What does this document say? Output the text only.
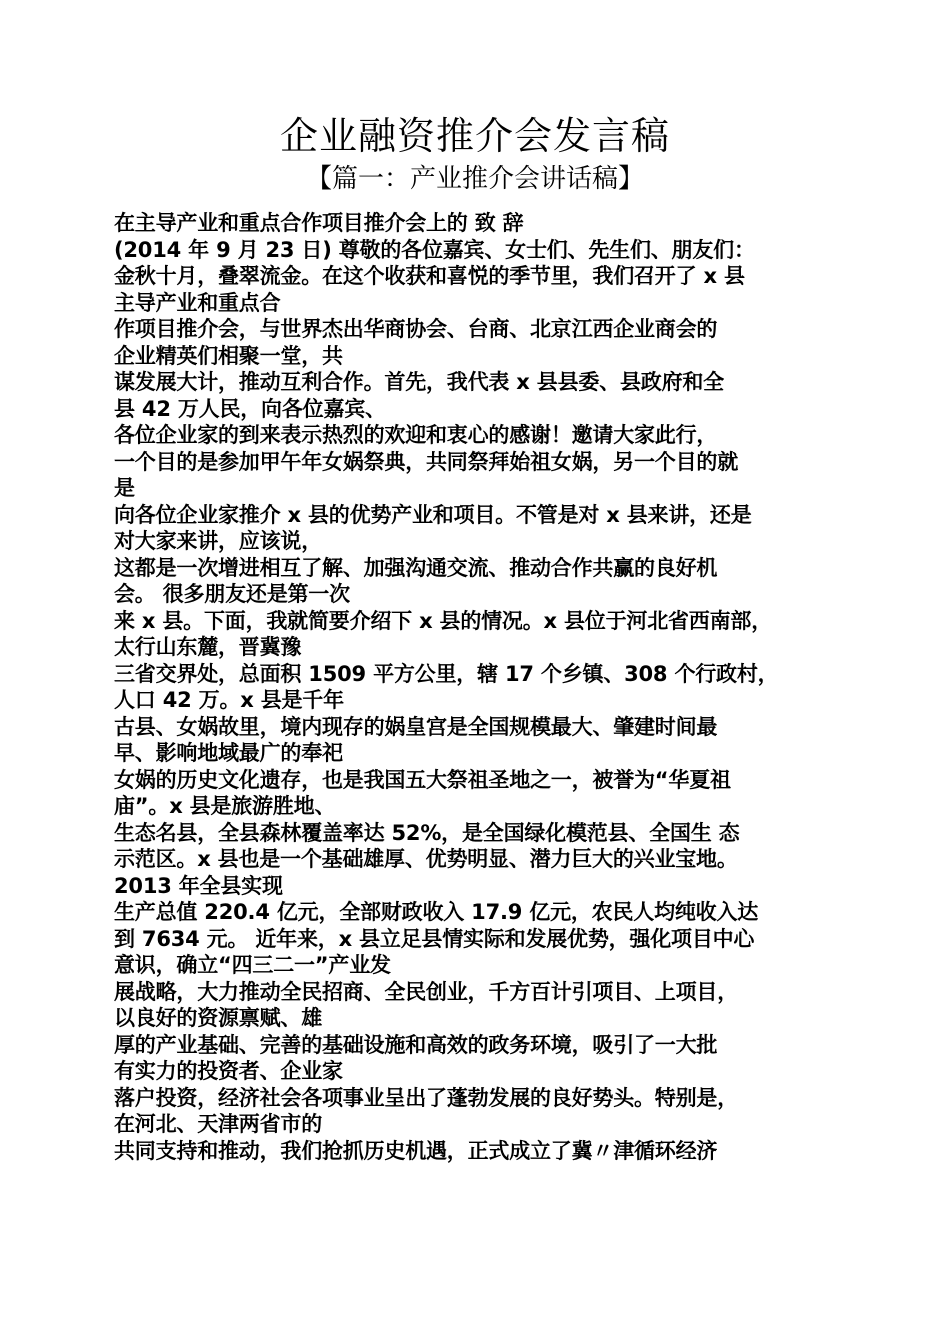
企业融资推介会发言稿
【篇一：产业推介会讲话稿】
在主导产业和重点合作项目推介会上的 致 辞
(2014 年 9 月 23 日) 尊敬的各位嘉宾、女士们、先生们、朋友们：
金秋十月，叠翠流金。在这个收获和喜悦的季节里，我们召开了 x 县
主导产业和重点合
作项目推介会，与世界杰出华商协会、台商、北京江西企业商会的
企业精英们相聚一堂，共
谋发展大计，推动互利合作。首先，我代表 x 县县委、县政府和全
县 42 万人民，向各位嘉宾、
各位企业家的到来表示热烈的欢迎和衷心的感谢！邀请大家此行，
一个目的是参加甲午年女娲祭典，共同祭拜始祖女娲，另一个目的就
是
向各位企业家推介 x 县的优势产业和项目。不管是对 x 县来讲，还是
对大家来讲，应该说，
这都是一次增进相互了解、加强沟通交流、推动合作共赢的良好机
会。 很多朋友还是第一次
来 x 县。下面，我就简要介绍下 x 县的情况。x 县位于河北省西南部，
太行山东麓，晋冀豫
三省交界处，总面积 1509 平方公里，辖 17 个乡镇、308 个行政村，
人口 42 万。x 县是千年
古县、女娲故里，境内现存的娲皇宫是全国规模最大、肇建时间最
早、影响地域最广的奉祀
女娲的历史文化遗存，也是我国五大祭祖圣地之一，被誉为“华夏祖
庙”。x 县是旅游胜地、
生态名县，全县森林覆盖率达 52%，是全国绿化模范县、全国生 态
示范区。x 县也是一个基础雄厚、优势明显、潜力巨大的兴业宝地。
2013 年全县实现
生产总值 220.4 亿元，全部财政收入 17.9 亿元，农民人均纯收入达
到 7634 元。 近年来，x 县立足县情实际和发展优势，强化项目中心
意识，确立“四三二一”产业发
展战略，大力推动全民招商、全民创业，千方百计引项目、上项目，
以良好的资源禀赋、雄
厚的产业基础、完善的基础设施和高效的政务环境，吸引了一大批
有实力的投资者、企业家
落户投资，经济社会各项事业呈出了蓬勃发展的良好势头。特别是，
在河北、天津两省市的
共同支持和推动，我们抢抓历史机遇，正式成立了冀〃津循环经济
